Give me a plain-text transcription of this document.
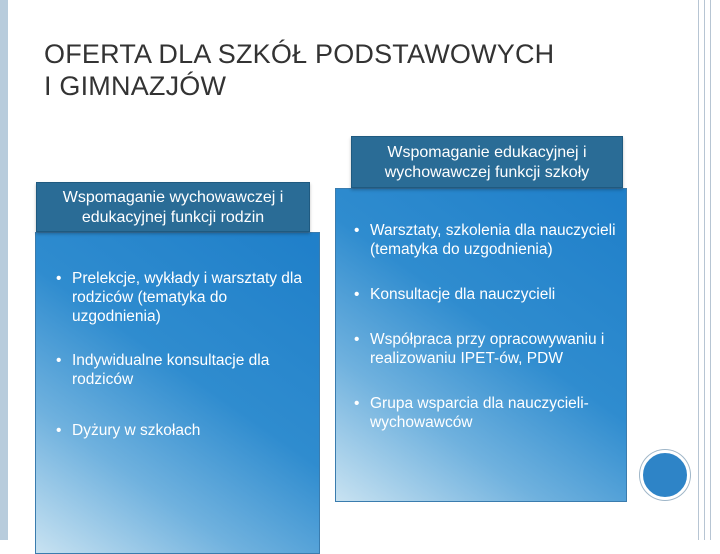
OFERTA DLA SZKÓŁ PODSTAWOWYCH
I GIMNAZJÓW
• Prelekcje, wykłady i warsztaty dla rodziców (tematyka do uzgodnienia)
• Indywidualne konsultacje dla rodziców
• Dyżury w szkołach
Wspomaganie wychowawczej i edukacyjnej funkcji rodzin
• Warsztaty, szkolenia dla nauczycieli (tematyka do uzgodnienia)
• Konsultacje dla nauczycieli
• Współpraca przy opracowywaniu i realizowaniu IPET-ów, PDW
• Grupa wsparcia dla nauczycieli-wychowawców
Wspomaganie edukacyjnej i wychowawczej funkcji szkoły
